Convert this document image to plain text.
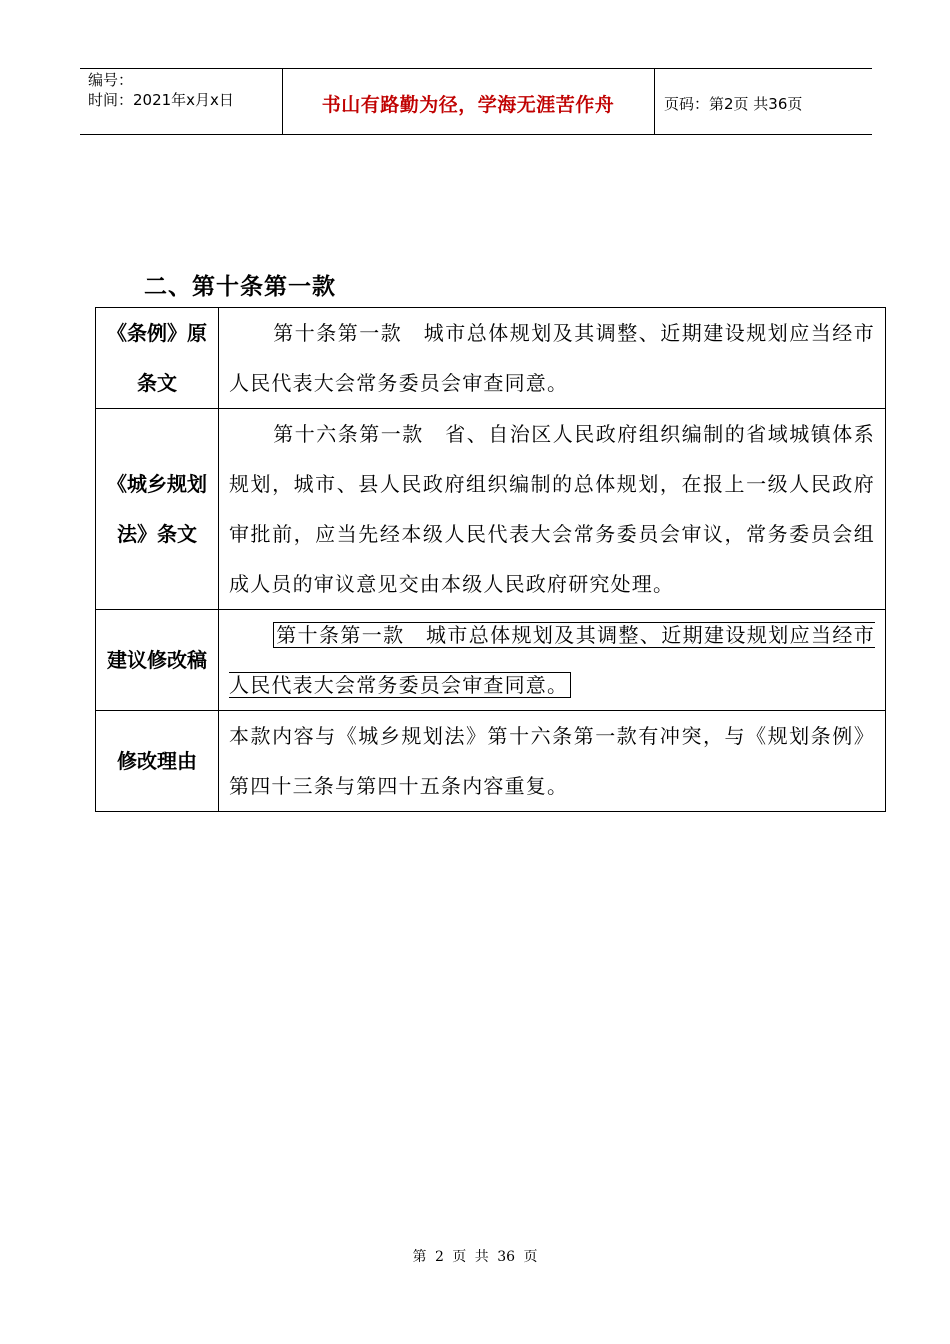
编号：
时间：2021年x月x日	书山有路勤为径，学海无涯苦作舟	页码：第2页 共36页
二、第十条第一款
《条例》原条文	第十条第一款　城市总体规划及其调整、近期建设规划应当经市人民代表大会常务委员会审查同意。
《城乡规划法》条文	第十六条第一款　省、自治区人民政府组织编制的省域城镇体系规划，城市、县人民政府组织编制的总体规划，在报上一级人民政府审批前，应当先经本级人民代表大会常务委员会审议，常务委员会组成人员的审议意见交由本级人民政府研究处理。
建议修改稿	第十条第一款　城市总体规划及其调整、近期建设规划应当经市人民代表大会常务委员会审查同意。
修改理由	本款内容与《城乡规划法》第十六条第一款有冲突，与《规划条例》第四十三条与第四十五条内容重复。
第 2 页 共 36 页
